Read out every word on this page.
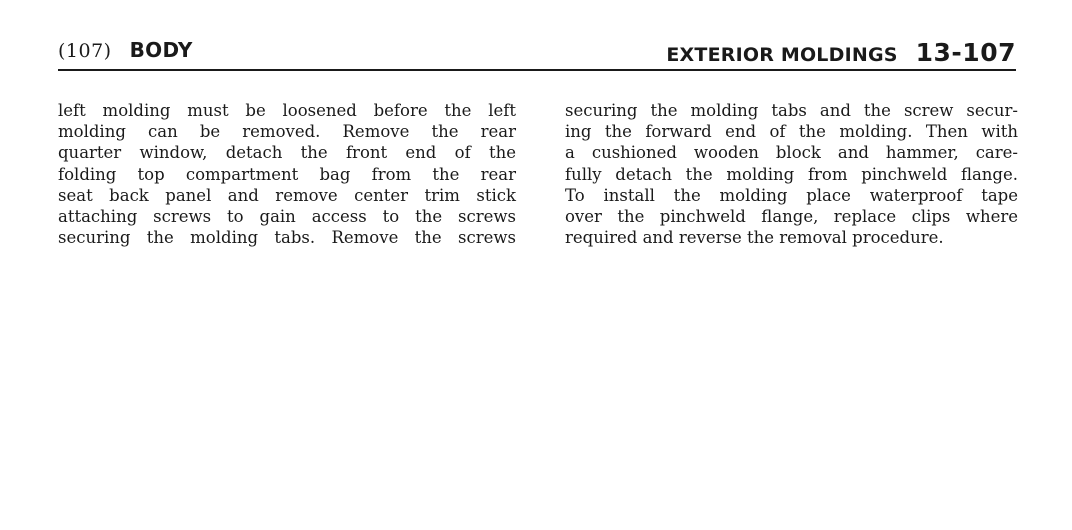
(107) BODY	EXTERIOR MOLDINGS 13-107

left molding must be loosened before the left
molding can be removed. Remove the rear
quarter window, detach the front end of the
folding top compartment bag from the rear
seat back panel and remove center trim stick
attaching screws to gain access to the screws
securing the molding tabs. Remove the screws

securing the molding tabs and the screw secur-
ing the forward end of the molding. Then with
a cushioned wooden block and hammer, care-
fully detach the molding from pinchweld flange.
To install the molding place waterproof tape
over the pinchweld flange, replace clips where
required and reverse the removal procedure.
